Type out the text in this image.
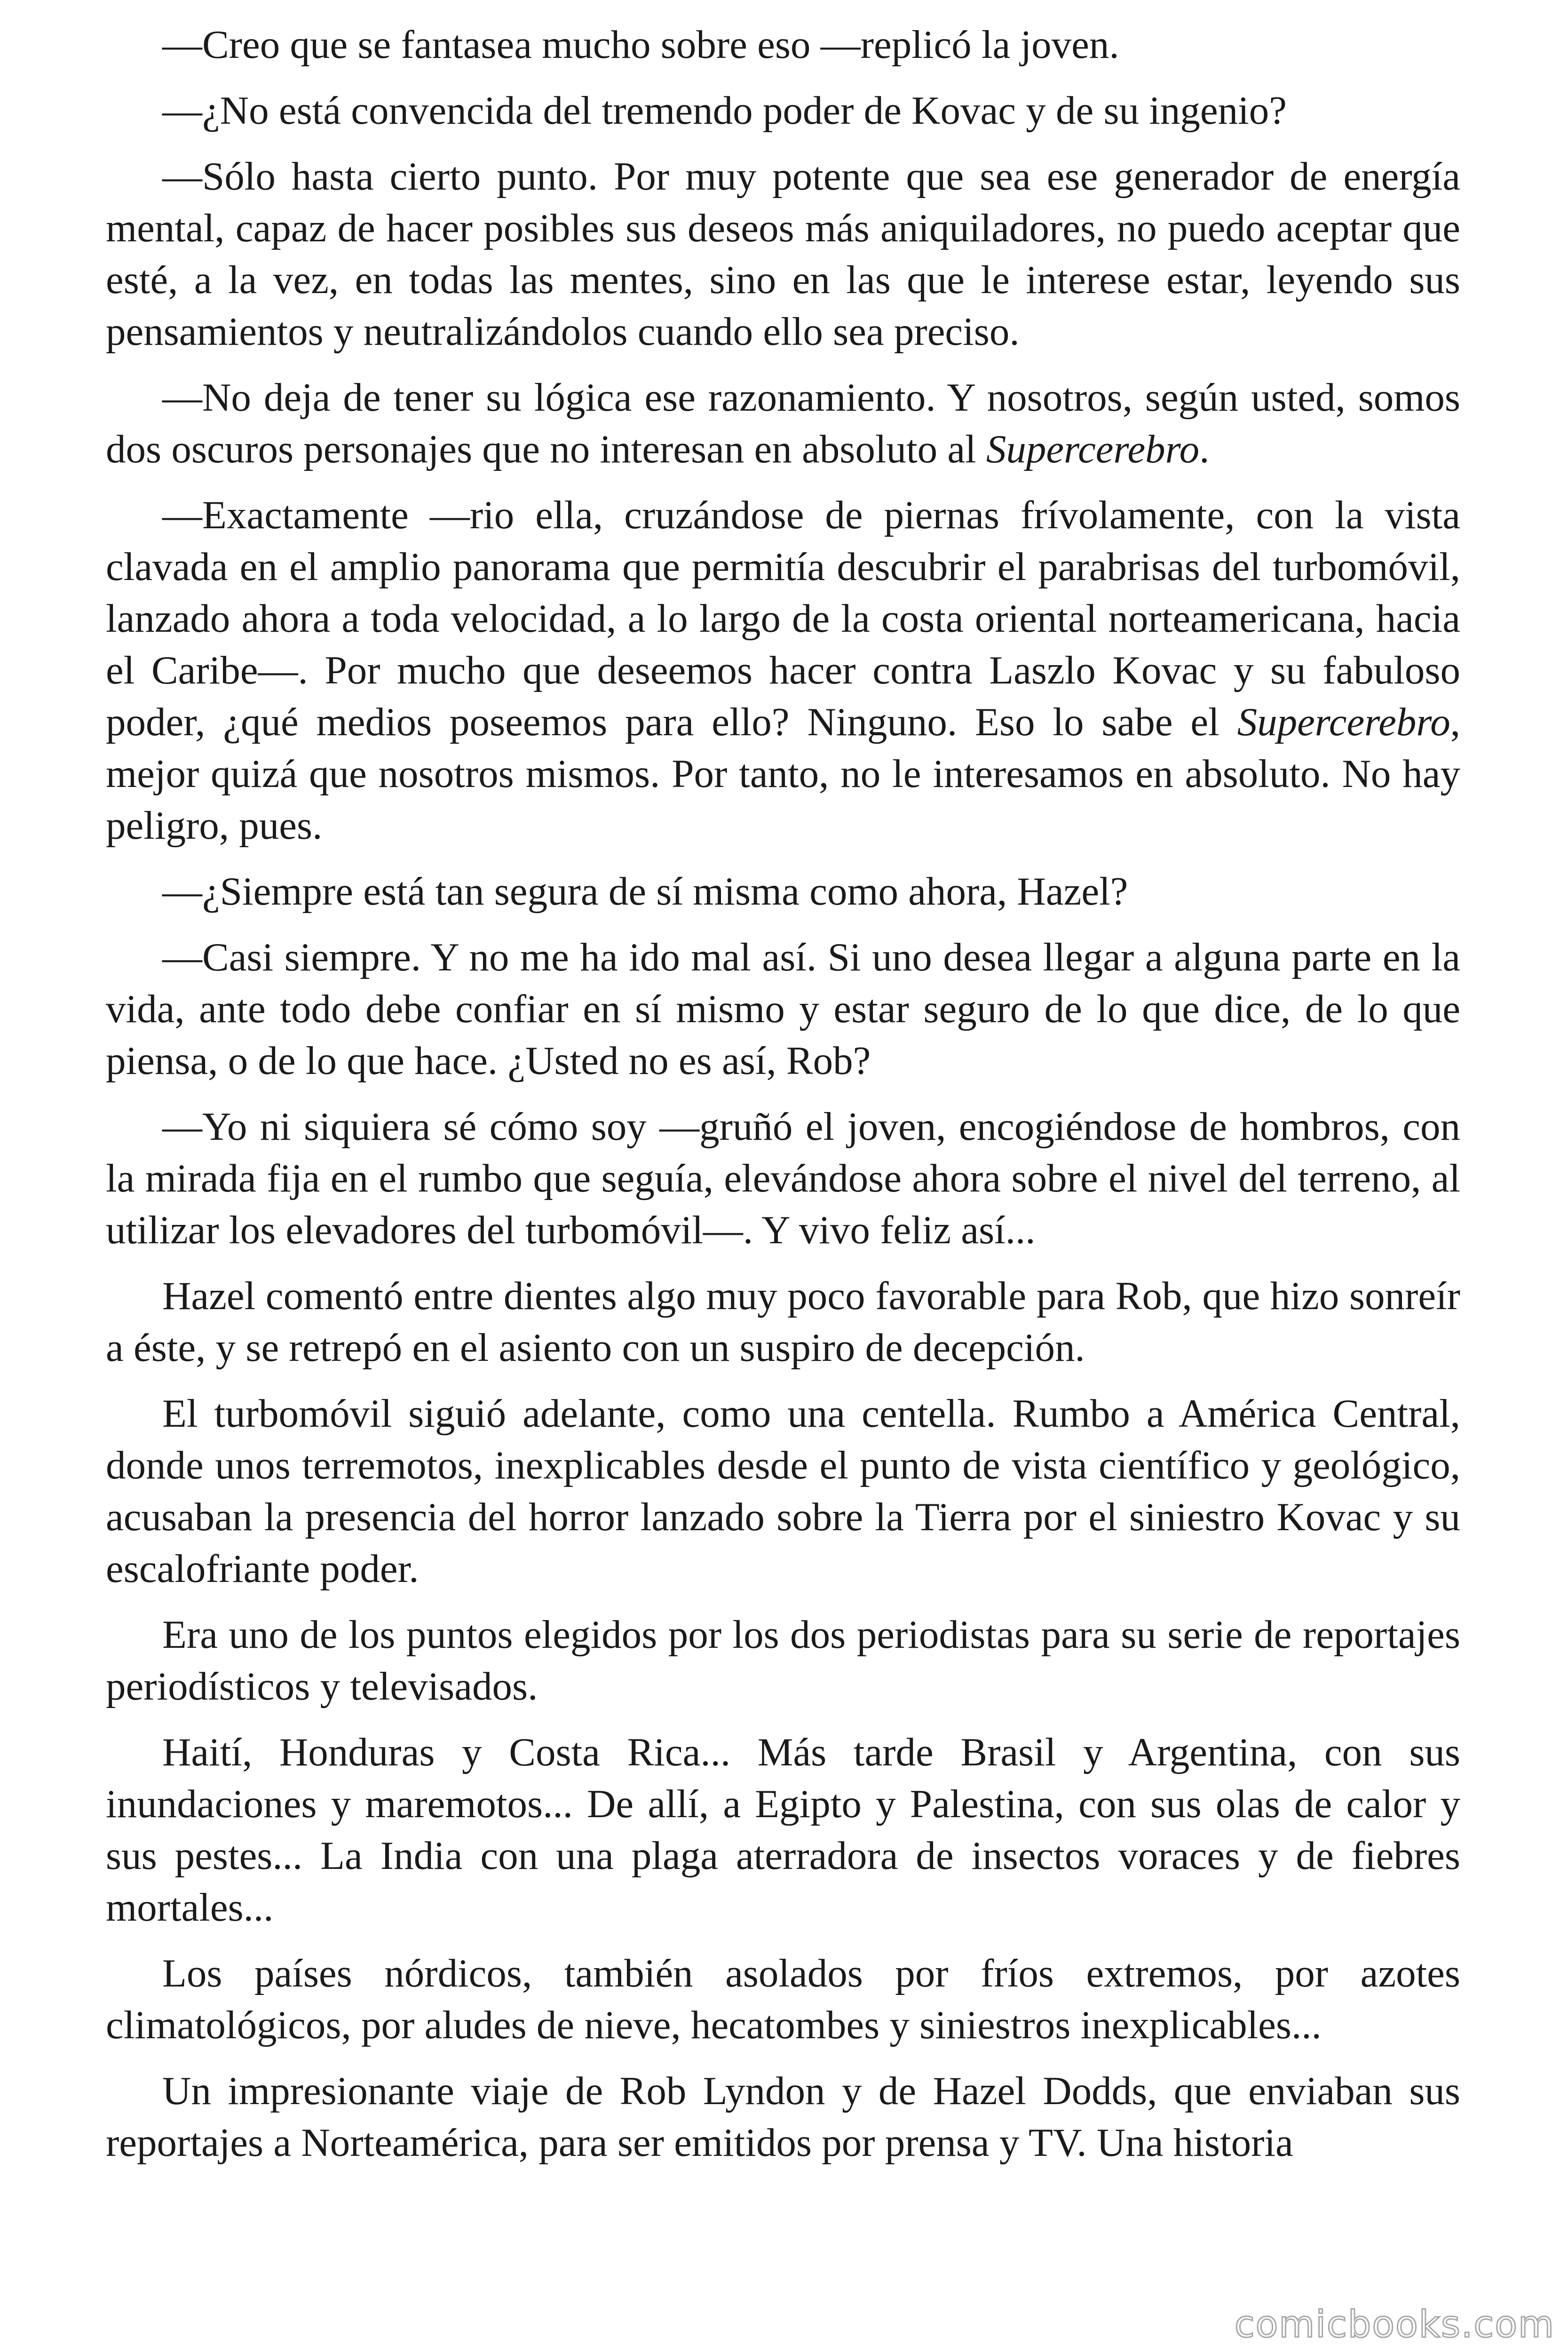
—Creo que se fantasea mucho sobre eso —replicó la joven.

—¿No está convencida del tremendo poder de Kovac y de su ingenio?

—Sólo hasta cierto punto. Por muy potente que sea ese generador de energía mental, capaz de hacer posibles sus deseos más aniquiladores, no puedo aceptar que esté, a la vez, en todas las mentes, sino en las que le interese estar, leyendo sus pensamientos y neutralizándolos cuando ello sea preciso.

—No deja de tener su lógica ese razonamiento. Y nosotros, según usted, somos dos oscuros personajes que no interesan en absoluto al Supercerebro.

—Exactamente —rio ella, cruzándose de piernas frívolamente, con la vista clavada en el amplio panorama que permitía descubrir el parabrisas del turbomóvil, lanzado ahora a toda velocidad, a lo largo de la costa oriental norteamericana, hacia el Caribe—. Por mucho que deseemos hacer contra Laszlo Kovac y su fabuloso poder, ¿qué medios poseemos para ello? Ninguno. Eso lo sabe el Supercerebro, mejor quizá que nosotros mismos. Por tanto, no le interesamos en absoluto. No hay peligro, pues.

—¿Siempre está tan segura de sí misma como ahora, Hazel?

—Casi siempre. Y no me ha ido mal así. Si uno desea llegar a alguna parte en la vida, ante todo debe confiar en sí mismo y estar seguro de lo que dice, de lo que piensa, o de lo que hace. ¿Usted no es así, Rob?

—Yo ni siquiera sé cómo soy —gruñó el joven, encogiéndose de hombros, con la mirada fija en el rumbo que seguía, elevándose ahora sobre el nivel del terreno, al utilizar los elevadores del turbomóvil—. Y vivo feliz así...

Hazel comentó entre dientes algo muy poco favorable para Rob, que hizo sonreír a éste, y se retrepó en el asiento con un suspiro de decepción.

El turbomóvil siguió adelante, como una centella. Rumbo a América Central, donde unos terremotos, inexplicables desde el punto de vista científico y geológico, acusaban la presencia del horror lanzado sobre la Tierra por el siniestro Kovac y su escalofriante poder.

Era uno de los puntos elegidos por los dos periodistas para su serie de reportajes periodísticos y televisados.

Haití, Honduras y Costa Rica... Más tarde Brasil y Argentina, con sus inundaciones y maremotos... De allí, a Egipto y Palestina, con sus olas de calor y sus pestes... La India con una plaga aterradora de insectos voraces y de fiebres mortales...

Los países nórdicos, también asolados por fríos extremos, por azotes climatológicos, por aludes de nieve, hecatombes y siniestros inexplicables...

Un impresionante viaje de Rob Lyndon y de Hazel Dodds, que enviaban sus reportajes a Norteamérica, para ser emitidos por prensa y TV. Una historia

comicbooks.com
